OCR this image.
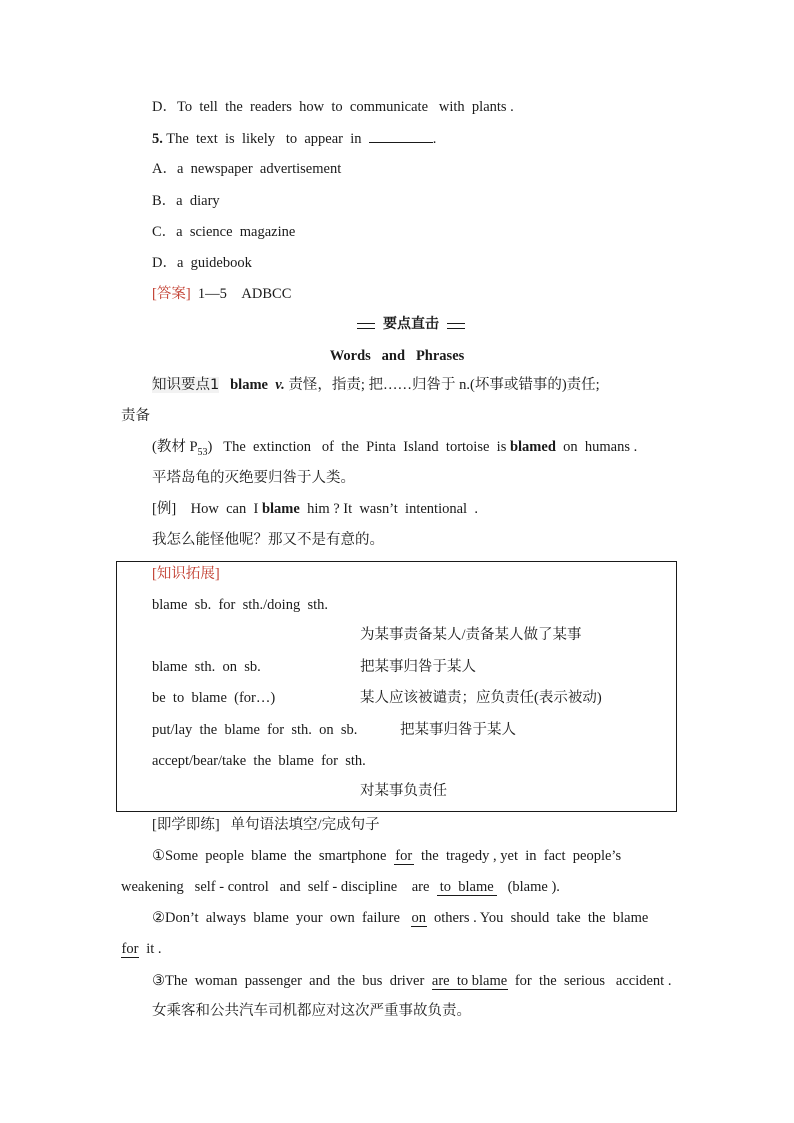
D．To  tell  the  readers  how  to  communicate   with  plants .
5. The  text  is  likely   to  appear  in	.
A．a  newspaper  advertisement
B．a  diary
C．a  science  magazine
D．a  guidebook
[答案]  1—5    ADBCC
要点直击
Words   and   Phrases
知识要点1 blame v. 责怪，指责; 把……归咎于 n.(坏事或错事的)责任;
责备
(教材 $P_{53}$)   The  extinction   of  the  Pinta  Island  tortoise  is blamed  on  humans .
平塔岛龟的灭绝要归咎于人类。
[例]    How  can  I blame  him ? It  wasn’t  intentional  .
我怎么能怪他呢？那又不是有意的。
[知识拓展]
blame  sb.  for  sth./doing  sth.
为某事责备某人/责备某人做了某事
blame  sth.  on  sb.	把某事归咎于某人
be  to  blame  (for…)	某人应该被谴责；应负责任(表示被动)
put/lay  the  blame  for  sth.  on  sb.	把某事归咎于某人
accept/bear/take  the  blame  for  sth.
对某事负责任
[即学即练]   单句语法填空/完成句子
①Some  people  blame  the  smartphone  for  the  tragedy , yet  in  fact  people’s
weakening   self - control   and  self - discipline    are  to  blame   (blame ).
②Don’t  always  blame  your  own  failure   on  others . You  should  take  the  blame
for  it .
③The  woman  passenger  and  the  bus  driver  are  to blame  for  the  serious   accident .
女乘客和公共汽车司机都应对这次严重事故负责。
